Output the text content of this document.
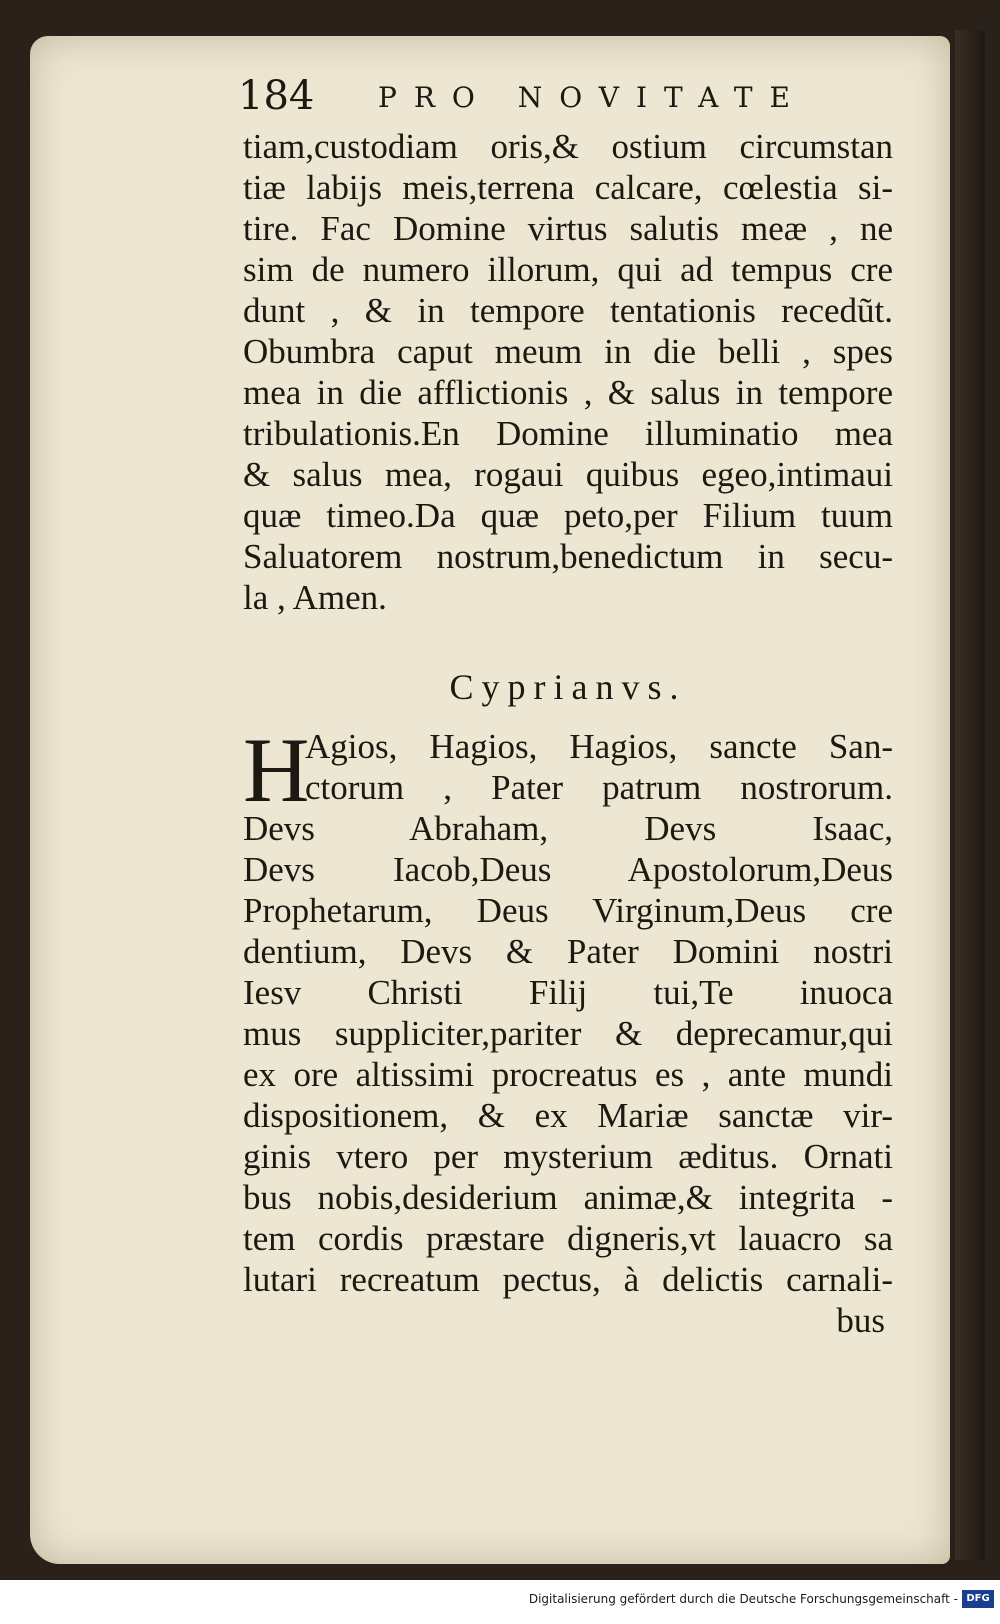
184 PRO NOVITATE
tiam,custodiam oris,& ostium circumstan
tiæ labijs meis,terrena calcare, cœlestia si-
tire. Fac Domine virtus salutis meæ , ne
sim de numero illorum, qui ad tempus cre
dunt , & in tempore tentationis recedũt.
Obumbra caput meum in die belli , spes
mea in die afflictionis , & salus in tempore
tribulationis.En Domine illuminatio mea
& salus mea, rogaui quibus egeo,intimaui
quæ timeo.Da quæ peto,per Filium tuum
Saluatorem nostrum,benedictum in secu-
la , Amen.
Cyprianvs.
H
Agios, Hagios, Hagios, sancte San-
ctorum , Pater patrum nostrorum.
Devs Abraham, Devs Isaac,
Devs Iacob,Deus Apostolorum,Deus
Prophetarum, Deus Virginum,Deus cre
dentium, Devs & Pater Domini nostri
Iesv Christi Filij tui,Te inuoca
mus suppliciter,pariter & deprecamur,qui
ex ore altissimi procreatus es , ante mundi
dispositionem, & ex Mariæ sanctæ vir-
ginis vtero per mysterium æditus. Ornati
bus nobis,desiderium animæ,& integrita -
tem cordis præstare digneris,vt lauacro sa
lutari recreatum pectus, à delictis carnali-
bus
Digitalisierung gefördert durch die Deutsche Forschungsgemeinschaft - DFG
